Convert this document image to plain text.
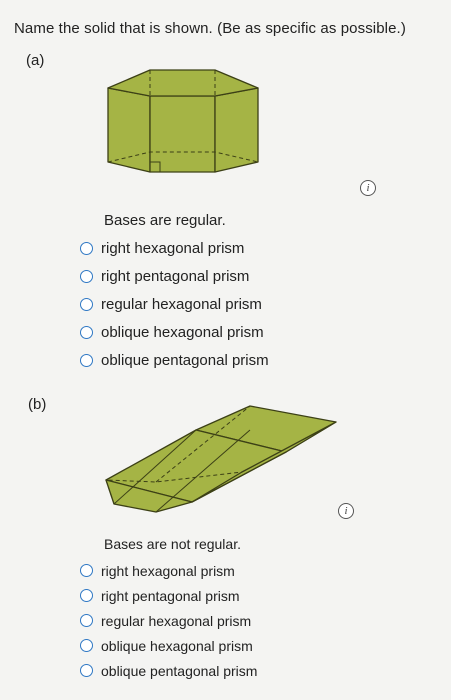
Name the solid that is shown. (Be as specific as possible.)
(a)
i
Bases are regular.
right hexagonal prism
right pentagonal prism
regular hexagonal prism
oblique hexagonal prism
oblique pentagonal prism
(b)
i
Bases are not regular.
right hexagonal prism
right pentagonal prism
regular hexagonal prism
oblique hexagonal prism
oblique pentagonal prism
